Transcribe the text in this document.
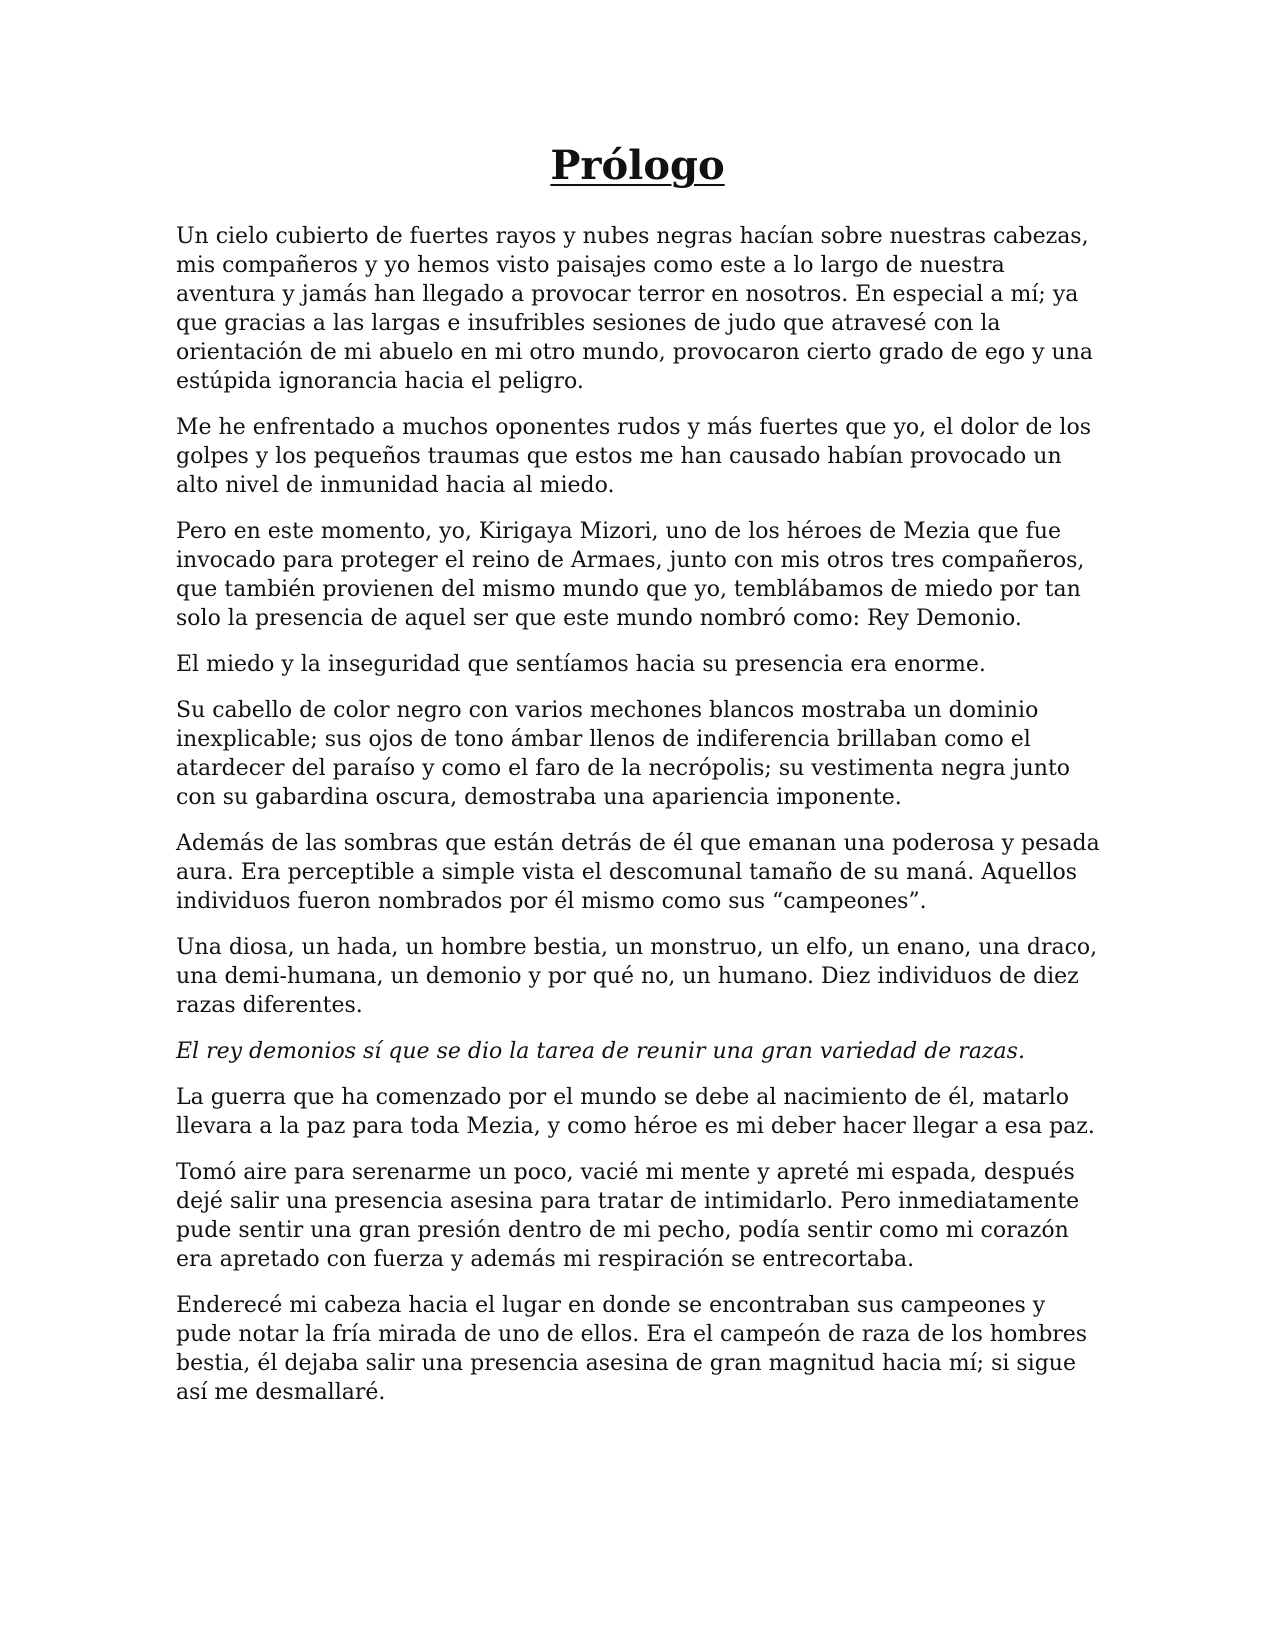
Prólogo

Un cielo cubierto de fuertes rayos y nubes negras hacían sobre nuestras cabezas,
mis compañeros y yo hemos visto paisajes como este a lo largo de nuestra
aventura y jamás han llegado a provocar terror en nosotros. En especial a mí; ya
que gracias a las largas e insufribles sesiones de judo que atravesé con la
orientación de mi abuelo en mi otro mundo, provocaron cierto grado de ego y una
estúpida ignorancia hacia el peligro.

Me he enfrentado a muchos oponentes rudos y más fuertes que yo, el dolor de los
golpes y los pequeños traumas que estos me han causado habían provocado un
alto nivel de inmunidad hacia al miedo.

Pero en este momento, yo, Kirigaya Mizori, uno de los héroes de Mezia que fue
invocado para proteger el reino de Armaes, junto con mis otros tres compañeros,
que también provienen del mismo mundo que yo, temblábamos de miedo por tan
solo la presencia de aquel ser que este mundo nombró como: Rey Demonio.

El miedo y la inseguridad que sentíamos hacia su presencia era enorme.

Su cabello de color negro con varios mechones blancos mostraba un dominio
inexplicable; sus ojos de tono ámbar llenos de indiferencia brillaban como el
atardecer del paraíso y como el faro de la necrópolis; su vestimenta negra junto
con su gabardina oscura, demostraba una apariencia imponente.

Además de las sombras que están detrás de él que emanan una poderosa y pesada
aura. Era perceptible a simple vista el descomunal tamaño de su maná. Aquellos
individuos fueron nombrados por él mismo como sus “campeones”.

Una diosa, un hada, un hombre bestia, un monstruo, un elfo, un enano, una draco,
una demi-humana, un demonio y por qué no, un humano. Diez individuos de diez
razas diferentes.

El rey demonios sí que se dio la tarea de reunir una gran variedad de razas.

La guerra que ha comenzado por el mundo se debe al nacimiento de él, matarlo
llevara a la paz para toda Mezia, y como héroe es mi deber hacer llegar a esa paz.

Tomó aire para serenarme un poco, vacié mi mente y apreté mi espada, después
dejé salir una presencia asesina para tratar de intimidarlo. Pero inmediatamente
pude sentir una gran presión dentro de mi pecho, podía sentir como mi corazón
era apretado con fuerza y además mi respiración se entrecortaba.

Enderecé mi cabeza hacia el lugar en donde se encontraban sus campeones y
pude notar la fría mirada de uno de ellos. Era el campeón de raza de los hombres
bestia, él dejaba salir una presencia asesina de gran magnitud hacia mí; si sigue
así me desmallaré.
